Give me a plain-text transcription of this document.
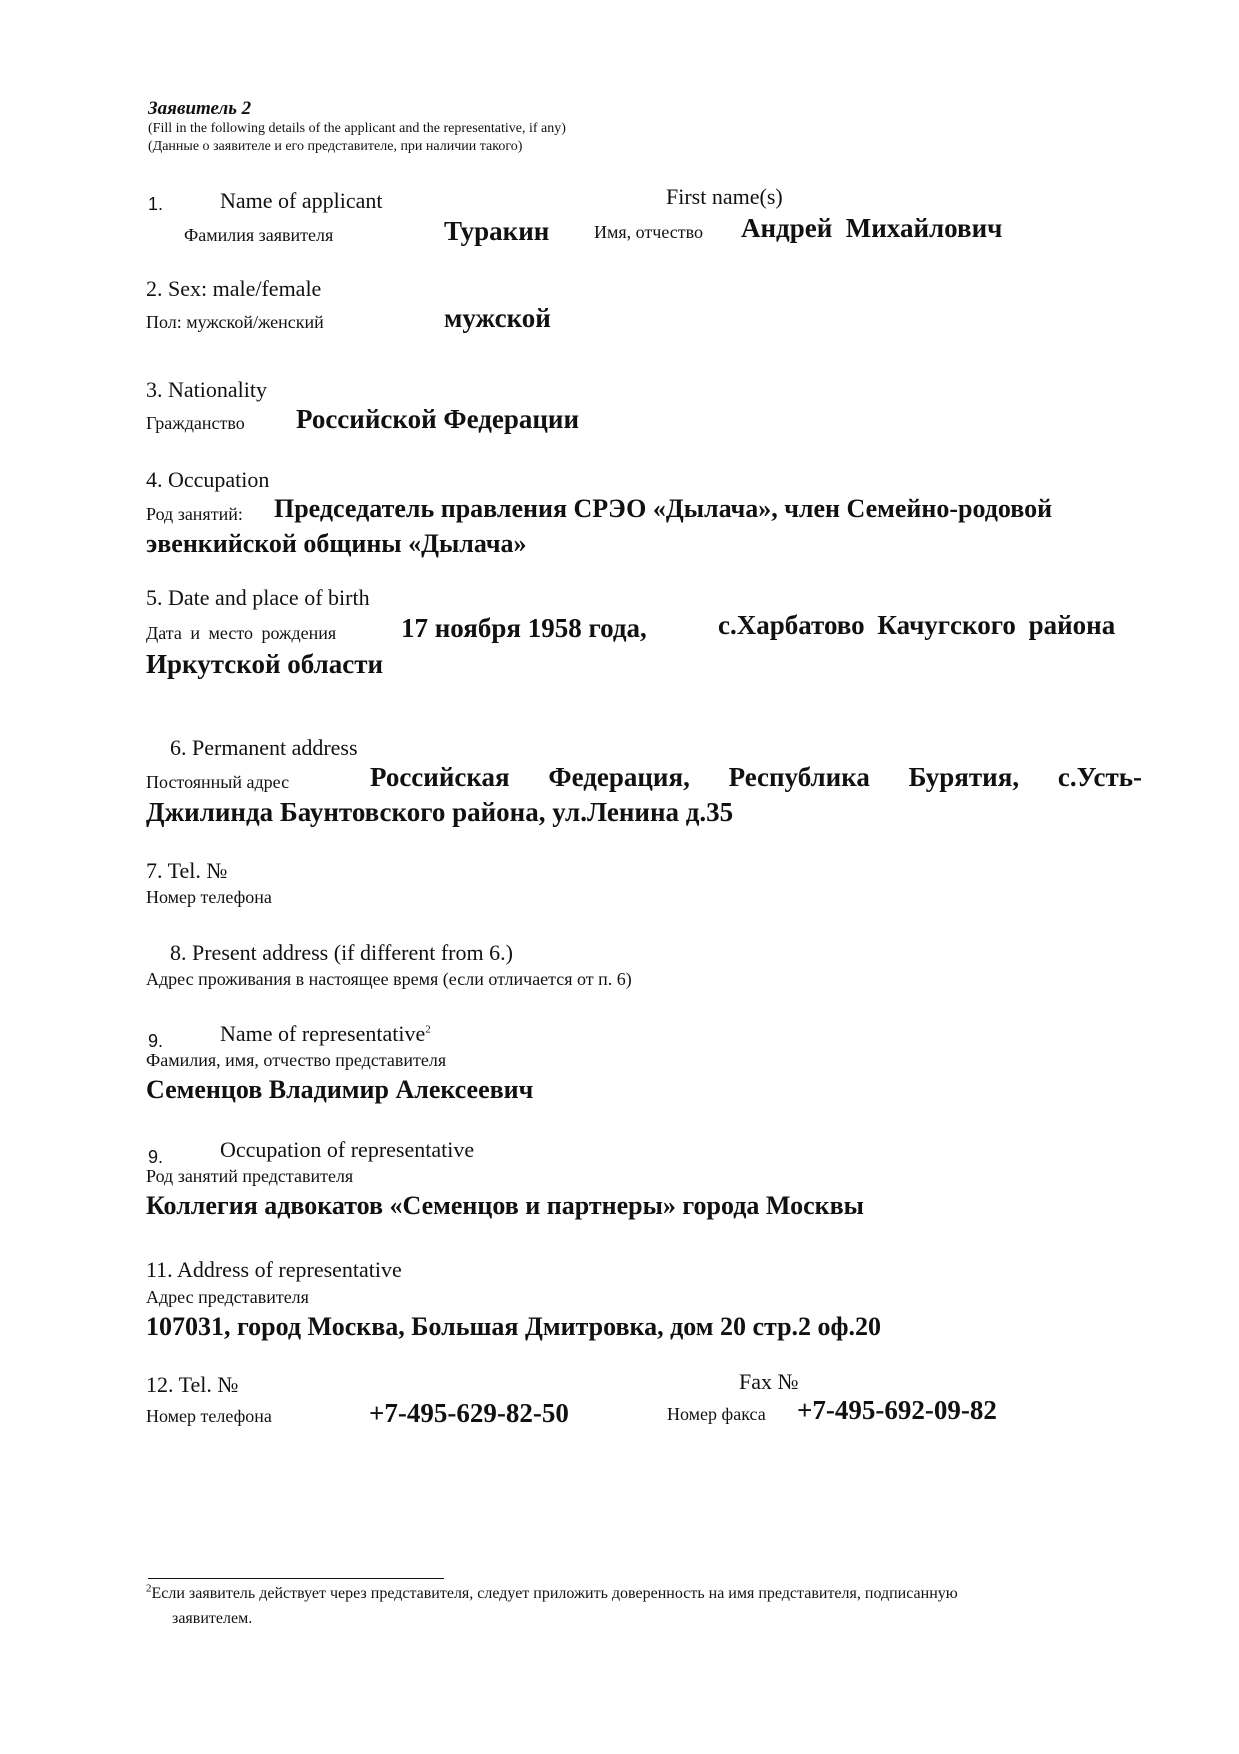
Заявитель 2
(Fill in the following details of the applicant and the representative, if any)
(Данные о заявителе и его представителе, при наличии такого)
1.	Name of applicant
Фамилия заявителя	Туракин
First name(s)
Имя, отчество Андрей  Михайлович
2. Sex: male/female
Пол: мужской/женский	мужской
3. Nationality
Гражданство Российской Федерации
4. Occupation
Род занятий: Председатель правления СРЭО «Дылача», член Семейно-родовой
эвенкийской общины «Дылача»
5. Date and place of birth
Дата и место рождения 17 ноября 1958 года,	с.Харбатово Качугского района
Иркутской области
6. Permanent address
Постоянный адрес	Российская Федерация, Республика Бурятия, с.Усть-
Джилинда Баунтовского района, ул.Ленина д.35
7. Tel. №
Номер телефона
8. Present address (if different from 6.)
Адрес проживания в настоящее время (если отличается от п. 6)
9.	Name of representative$^2$
Фамилия, имя, отчество представителя
Семенцов Владимир Алексеевич
9.	Occupation of representative
Род занятий представителя
Коллегия адвокатов «Семенцов и партнеры» города Москвы
11. Address of representative
Адрес представителя
107031, город Москва, Большая Дмитровка, дом 20 стр.2 оф.20
12. Tel. №
Номер телефона	+7-495-629-82-50
Fax №
Номер факса +7-495-692-09-82
$^2$Если заявитель действует через представителя, следует приложить доверенность на имя представителя, подписанную
заявителем.
